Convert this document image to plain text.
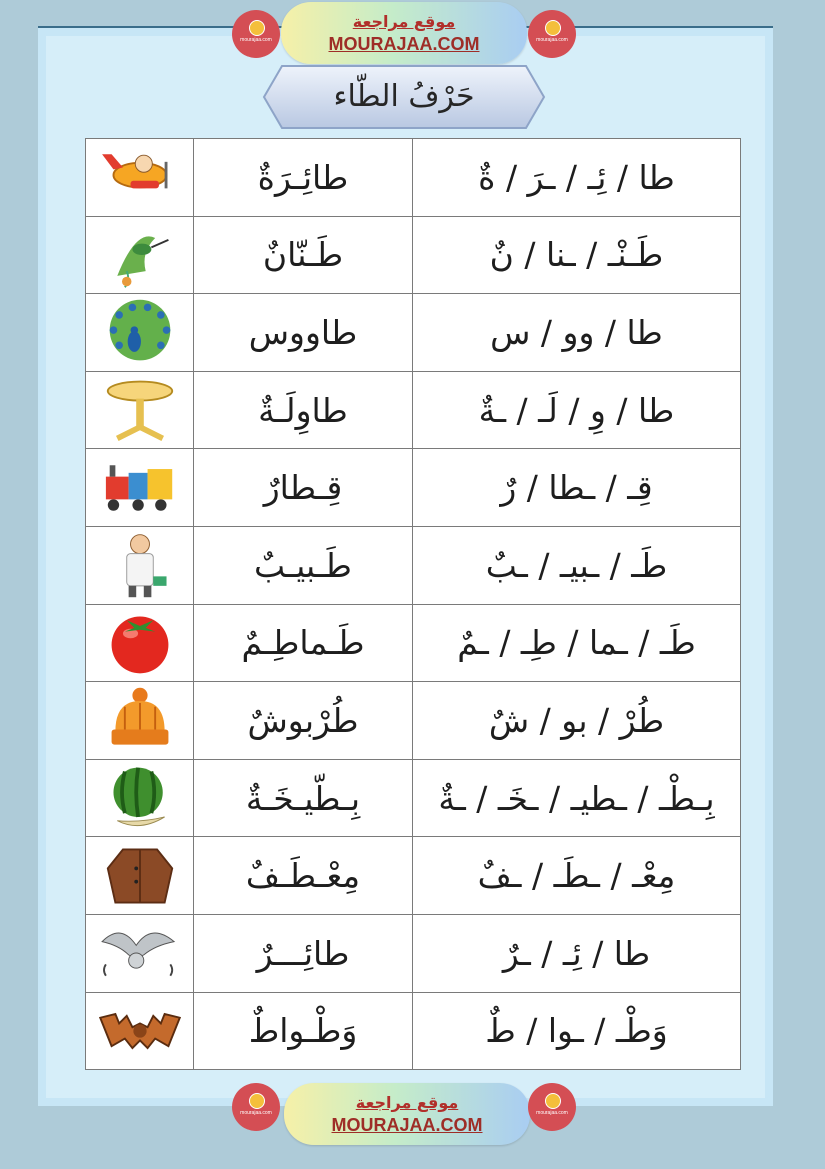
mourajaa.com
موقع مراجعة
MOURAJAA.COM	mourajaa.com
حَرْفُ الطّاء
	طائِـرَةٌ	طا / ئِـ / ـرَ / ةٌ

	طَـنّانٌ	طَـنْـ / ـنا / نٌ

	طاووس	طا / وو / س

	طاوِلَـةٌ	طا / وِ / لَـ / ـةٌ

	قِـطارٌ	قِـ / ـطا / رٌ

	طَـبيـبٌ	طَـ / ـبيـ / ـبٌ

	طَـماطِـمٌ	طَـ / ـما / طِـ / ـمٌ

	طُرْبوشٌ	طُرْ / بو / شٌ

	بِـطّيـخَـةٌ	بِـطْـ / ـطيـ / ـخَـ / ـةٌ

	مِعْـطَـفٌ	مِعْـ / ـطَـ / ـفٌ

	طائِـــرٌ	طا / ئِـ / ـرٌ

	وَطْـواطٌ	وَطْـ / ـوا / طٌ
mourajaa.com
موقع مراجعة
MOURAJAA.COM
mourajaa.com
